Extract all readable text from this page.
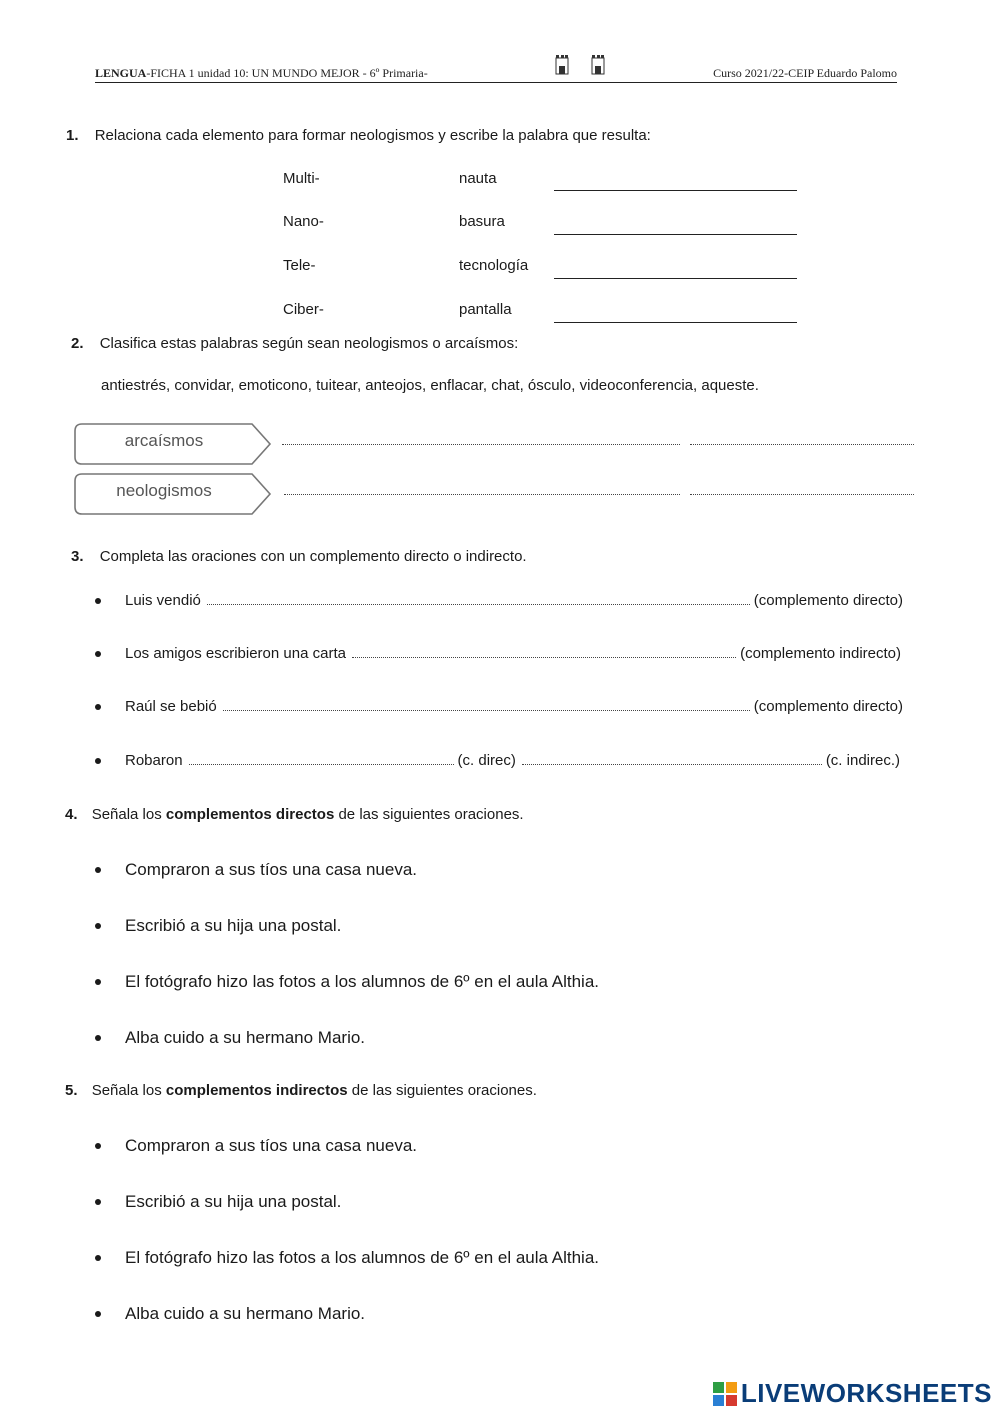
LENGUA-FICHA 1 unidad 10: UN MUNDO MEJOR - 6º Primaria-	Curso 2021/22-CEIP Eduardo Palomo
1. Relaciona cada elemento para formar neologismos y escribe la palabra que resulta:
Multi-	nauta
Nano-	basura
Tele-	tecnología
Ciber-	pantalla
2. Clasifica estas palabras según sean neologismos o arcaísmos:
antiestrés, convidar, emoticono, tuitear, anteojos, enflacar, chat, ósculo, videoconferencia, aqueste.
arcaísmos
neologismos
3. Completa las oraciones con un complemento directo o indirecto.
Luis vendió	(complemento directo)
Los amigos escribieron una carta	(complemento indirecto)
Raúl se bebió	(complemento directo)
Robaron	(c. direc)	(c. indirec.)
4. Señala los complementos directos de las siguientes oraciones.
Compraron a sus tíos una casa nueva.
Escribió a su hija una postal.
El fotógrafo hizo las fotos a los alumnos de 6º en el aula Althia.
Alba cuido a su hermano Mario.
5. Señala los complementos indirectos de las siguientes oraciones.
Compraron a sus tíos una casa nueva.
Escribió a su hija una postal.
El fotógrafo hizo las fotos a los alumnos de 6º en el aula Althia.
Alba cuido a su hermano Mario.
LIVEWORKSHEETS
